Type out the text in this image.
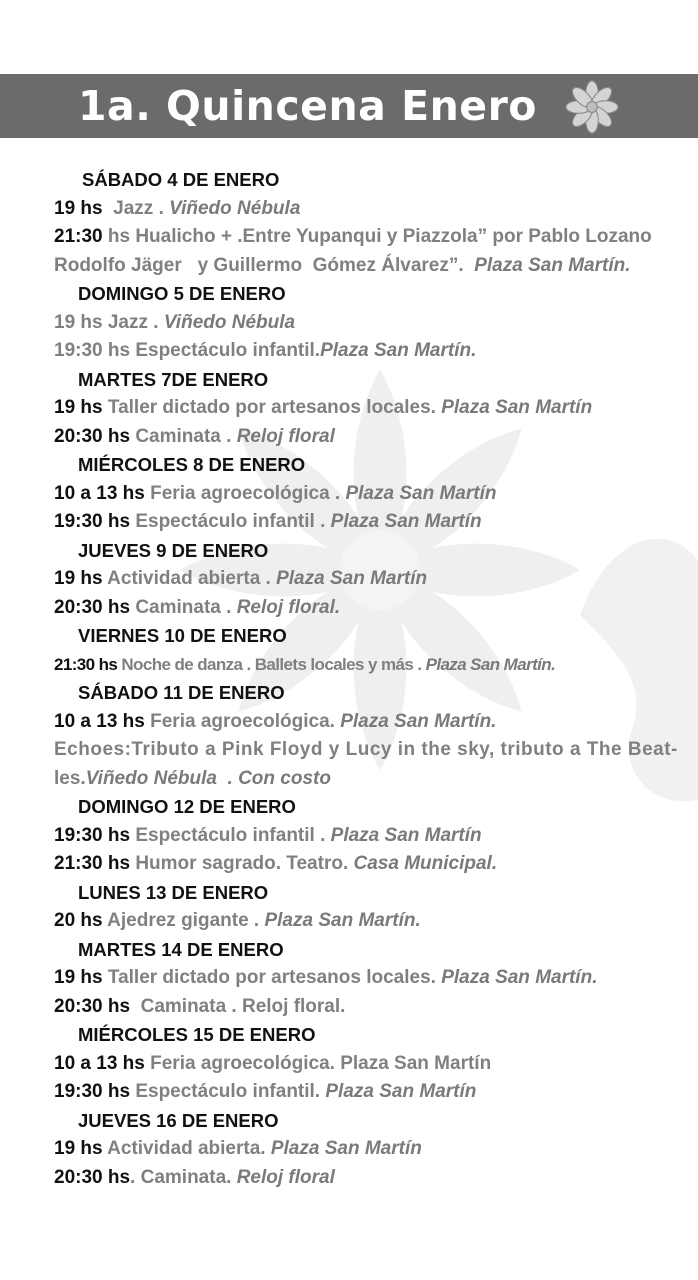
1a. Quincena Enero
SÁBADO 4 DE ENERO
19 hs  Jazz . Viñedo Nébula
21:30 hs Hualicho + .Entre Yupanqui y Piazzola” por Pablo Lozano
Rodolfo Jäger   y Guillermo  Gómez Álvarez”.  Plaza San Martín.
DOMINGO 5 DE ENERO
19 hs Jazz . Viñedo Nébula
19:30 hs Espectáculo infantil.Plaza San Martín.
MARTES 7DE ENERO
19 hs Taller dictado por artesanos locales. Plaza San Martín
20:30 hs Caminata . Reloj floral
MIÉRCOLES 8 DE ENERO
10 a 13 hs Feria agroecológica . Plaza San Martín
19:30 hs Espectáculo infantil . Plaza San Martín
JUEVES 9 DE ENERO
19 hs Actividad abierta . Plaza San Martín
20:30 hs Caminata . Reloj floral.
VIERNES 10 DE ENERO
21:30 hs Noche de danza . Ballets locales y más . Plaza San Martín.
SÁBADO 11 DE ENERO
10 a 13 hs Feria agroecológica. Plaza San Martín.
Echoes:Tributo a Pink Floyd y Lucy in the sky, tributo a The Beat-
les.Viñedo Nébula  . Con costo
DOMINGO 12 DE ENERO
19:30 hs Espectáculo infantil . Plaza San Martín
21:30 hs Humor sagrado. Teatro. Casa Municipal.
LUNES 13 DE ENERO
20 hs Ajedrez gigante . Plaza San Martín.
MARTES 14 DE ENERO
19 hs Taller dictado por artesanos locales. Plaza San Martín.
20:30 hs  Caminata . Reloj floral.
MIÉRCOLES 15 DE ENERO
10 a 13 hs Feria agroecológica. Plaza San Martín
19:30 hs Espectáculo infantil. Plaza San Martín
JUEVES 16 DE ENERO
19 hs Actividad abierta. Plaza San Martín
20:30 hs. Caminata. Reloj floral
